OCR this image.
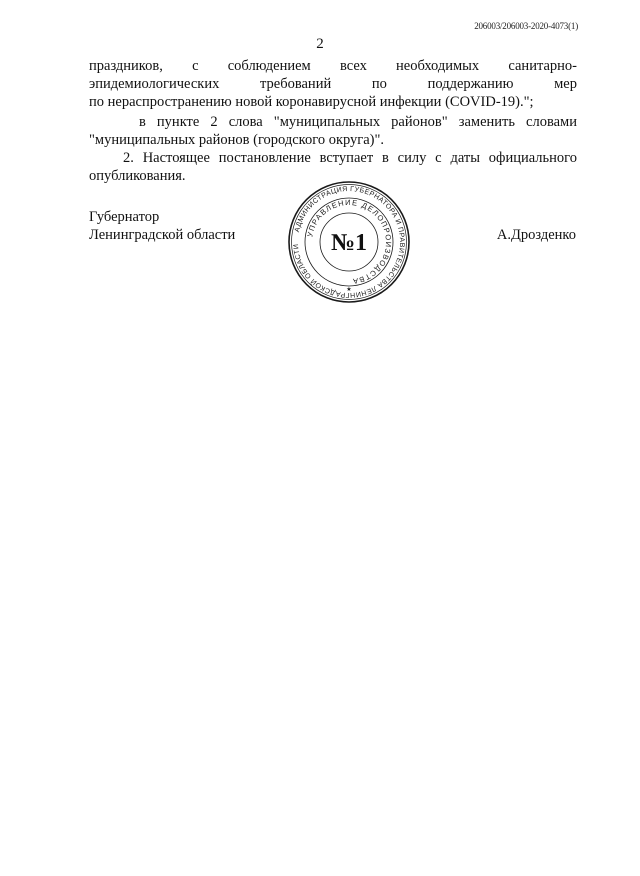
206003/206003-2020-4073(1)
2
праздников, с соблюдением всех необходимых санитарно-
эпидемиологических требований по поддержанию мер
по нераспространению новой коронавирусной инфекции (COVID-19).";
в пункте 2 слова "муниципальных районов" заменить словами
"муниципальных районов (городского округа)".
2. Настоящее постановление вступает в силу с даты официального
опубликования.
Губернатор
Ленинградской области	А.Дрозденко
АДМИНИСТРАЦИЯ ГУБЕРНАТОРА И ПРАВИТЕЛЬСТВА ЛЕНИНГРАДСКОЙ ОБЛАСТИ
УПРАВЛЕНИЕ ДЕЛОПРОИЗВОДСТВА
№1
★
